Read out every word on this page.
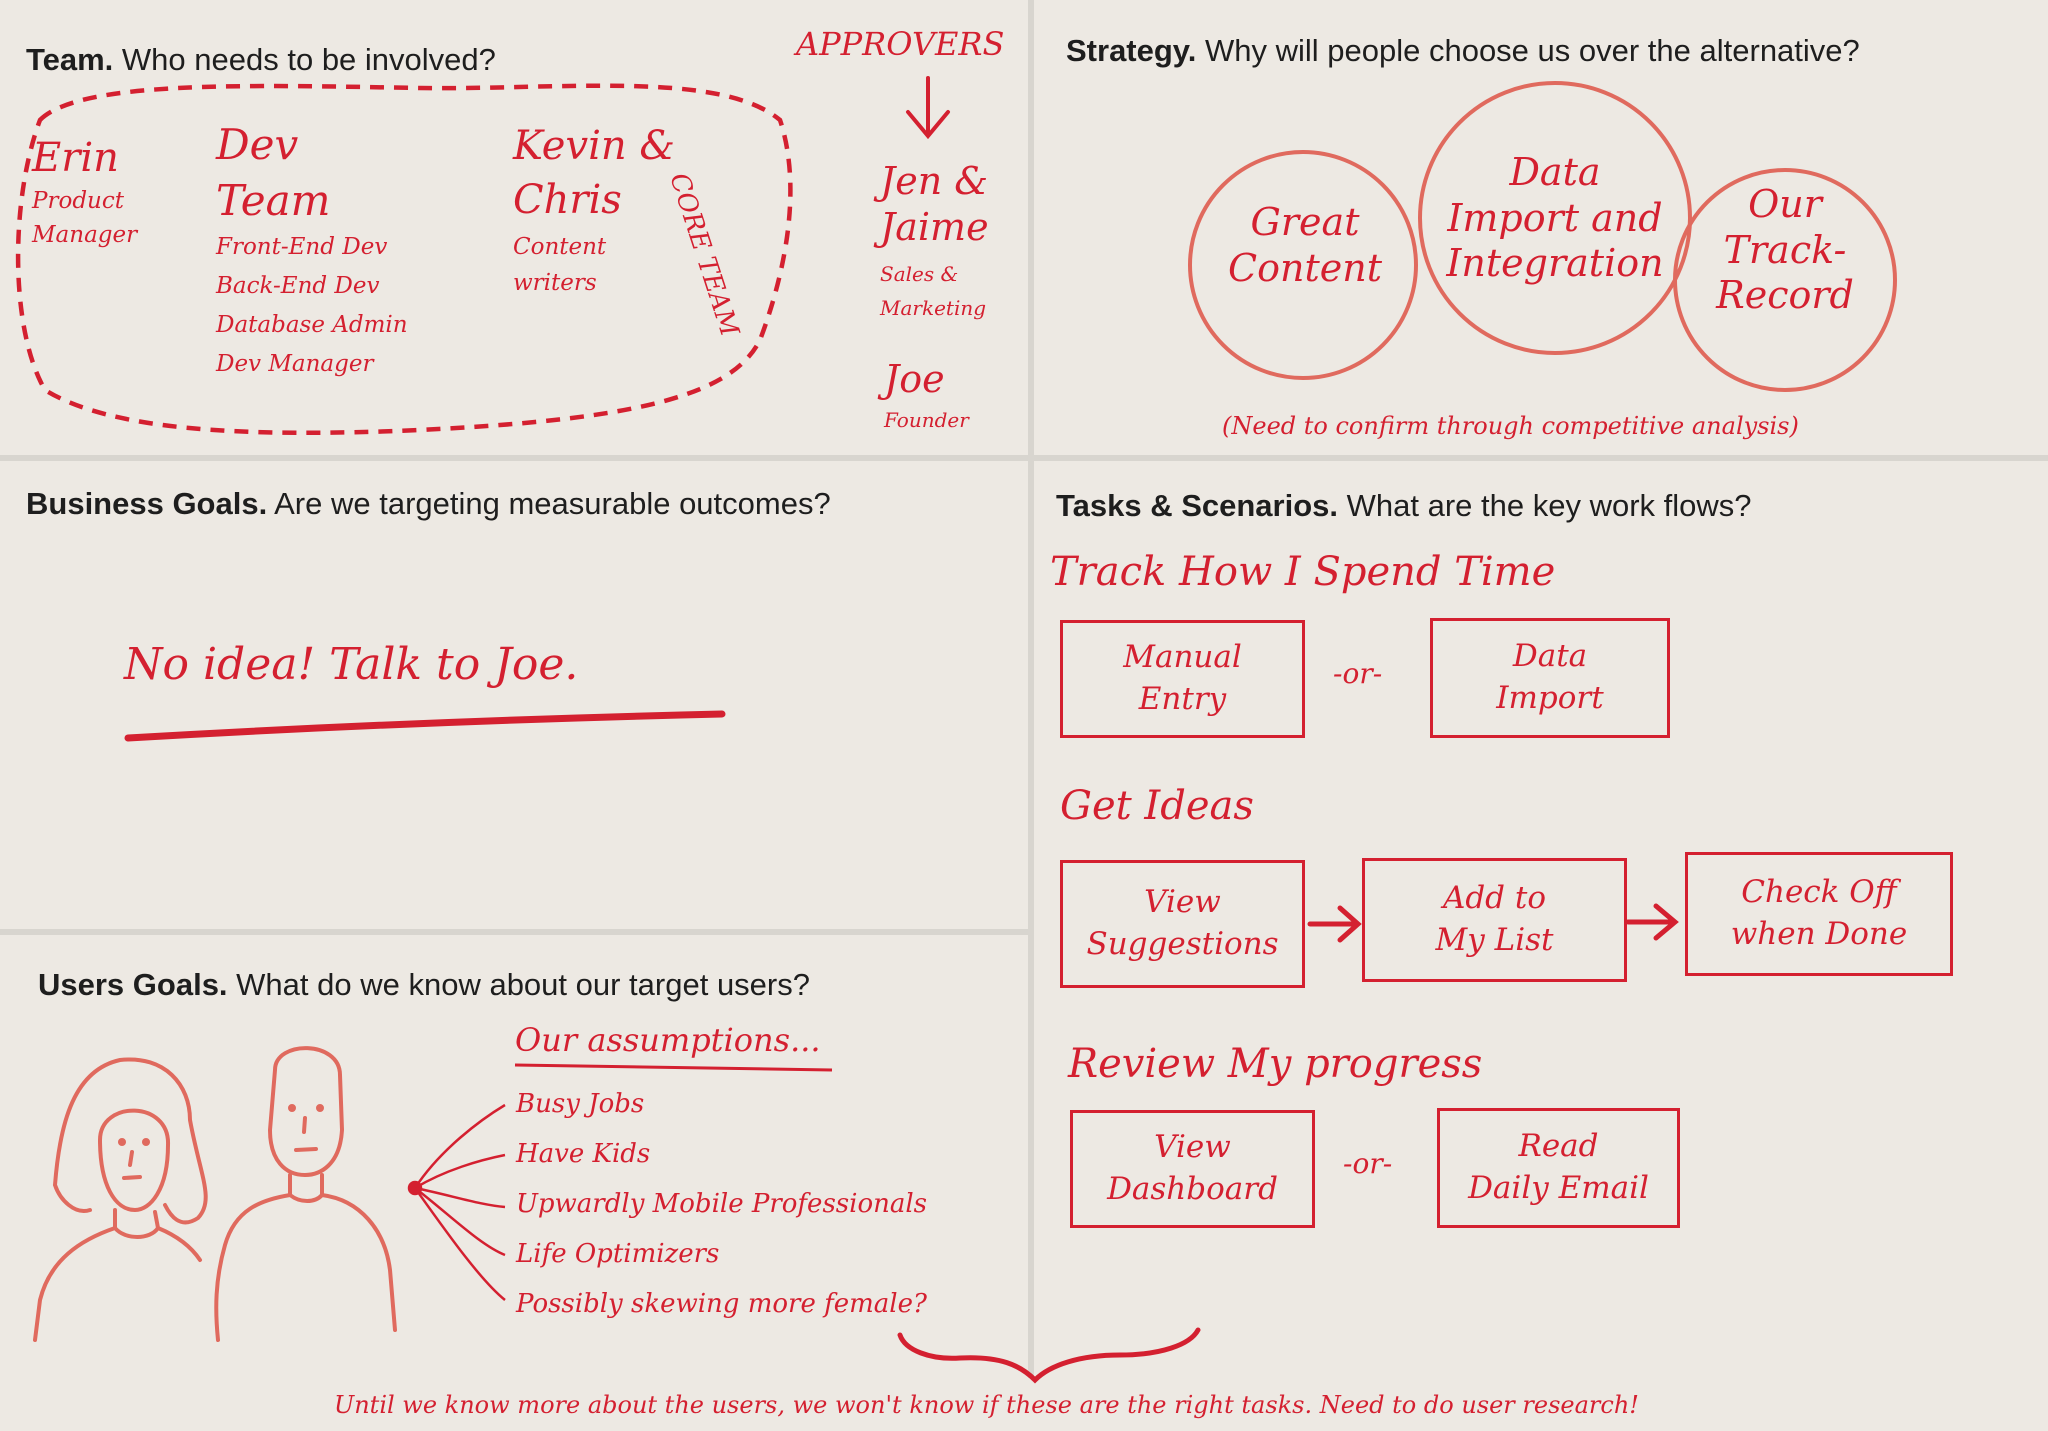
Team. Who needs to be involved?	APPROVERS
CORE TEAM
Erin
Product
Manager
Dev
Team
Front-End Dev
Back-End Dev
Database Admin
Dev Manager
Kevin &
Chris
Content
writers
Jen &
Jaime
Sales &
Marketing
Joe
Founder
Strategy. Why will people choose us over the alternative?
Great
Content
Data
Import and
Integration
Our
Track-
Record
(Need to confirm through competitive analysis)
Business Goals. Are we targeting measurable outcomes?
No idea! Talk to Joe.
Users Goals. What do we know about our target users?
Our assumptions...
Busy Jobs
Have Kids
Upwardly Mobile Professionals
Life Optimizers
Possibly skewing more female?
Tasks & Scenarios. What are the key work flows?
Track How I Spend Time
Manual
Entry
-or-	Data
Import
Get Ideas
View
Suggestions
Add to
My List
Check Off
when Done
Review My progress
View
Dashboard
-or-	Read
Daily Email
Until we know more about the users, we won't know if these are the right tasks. Need to do user research!
